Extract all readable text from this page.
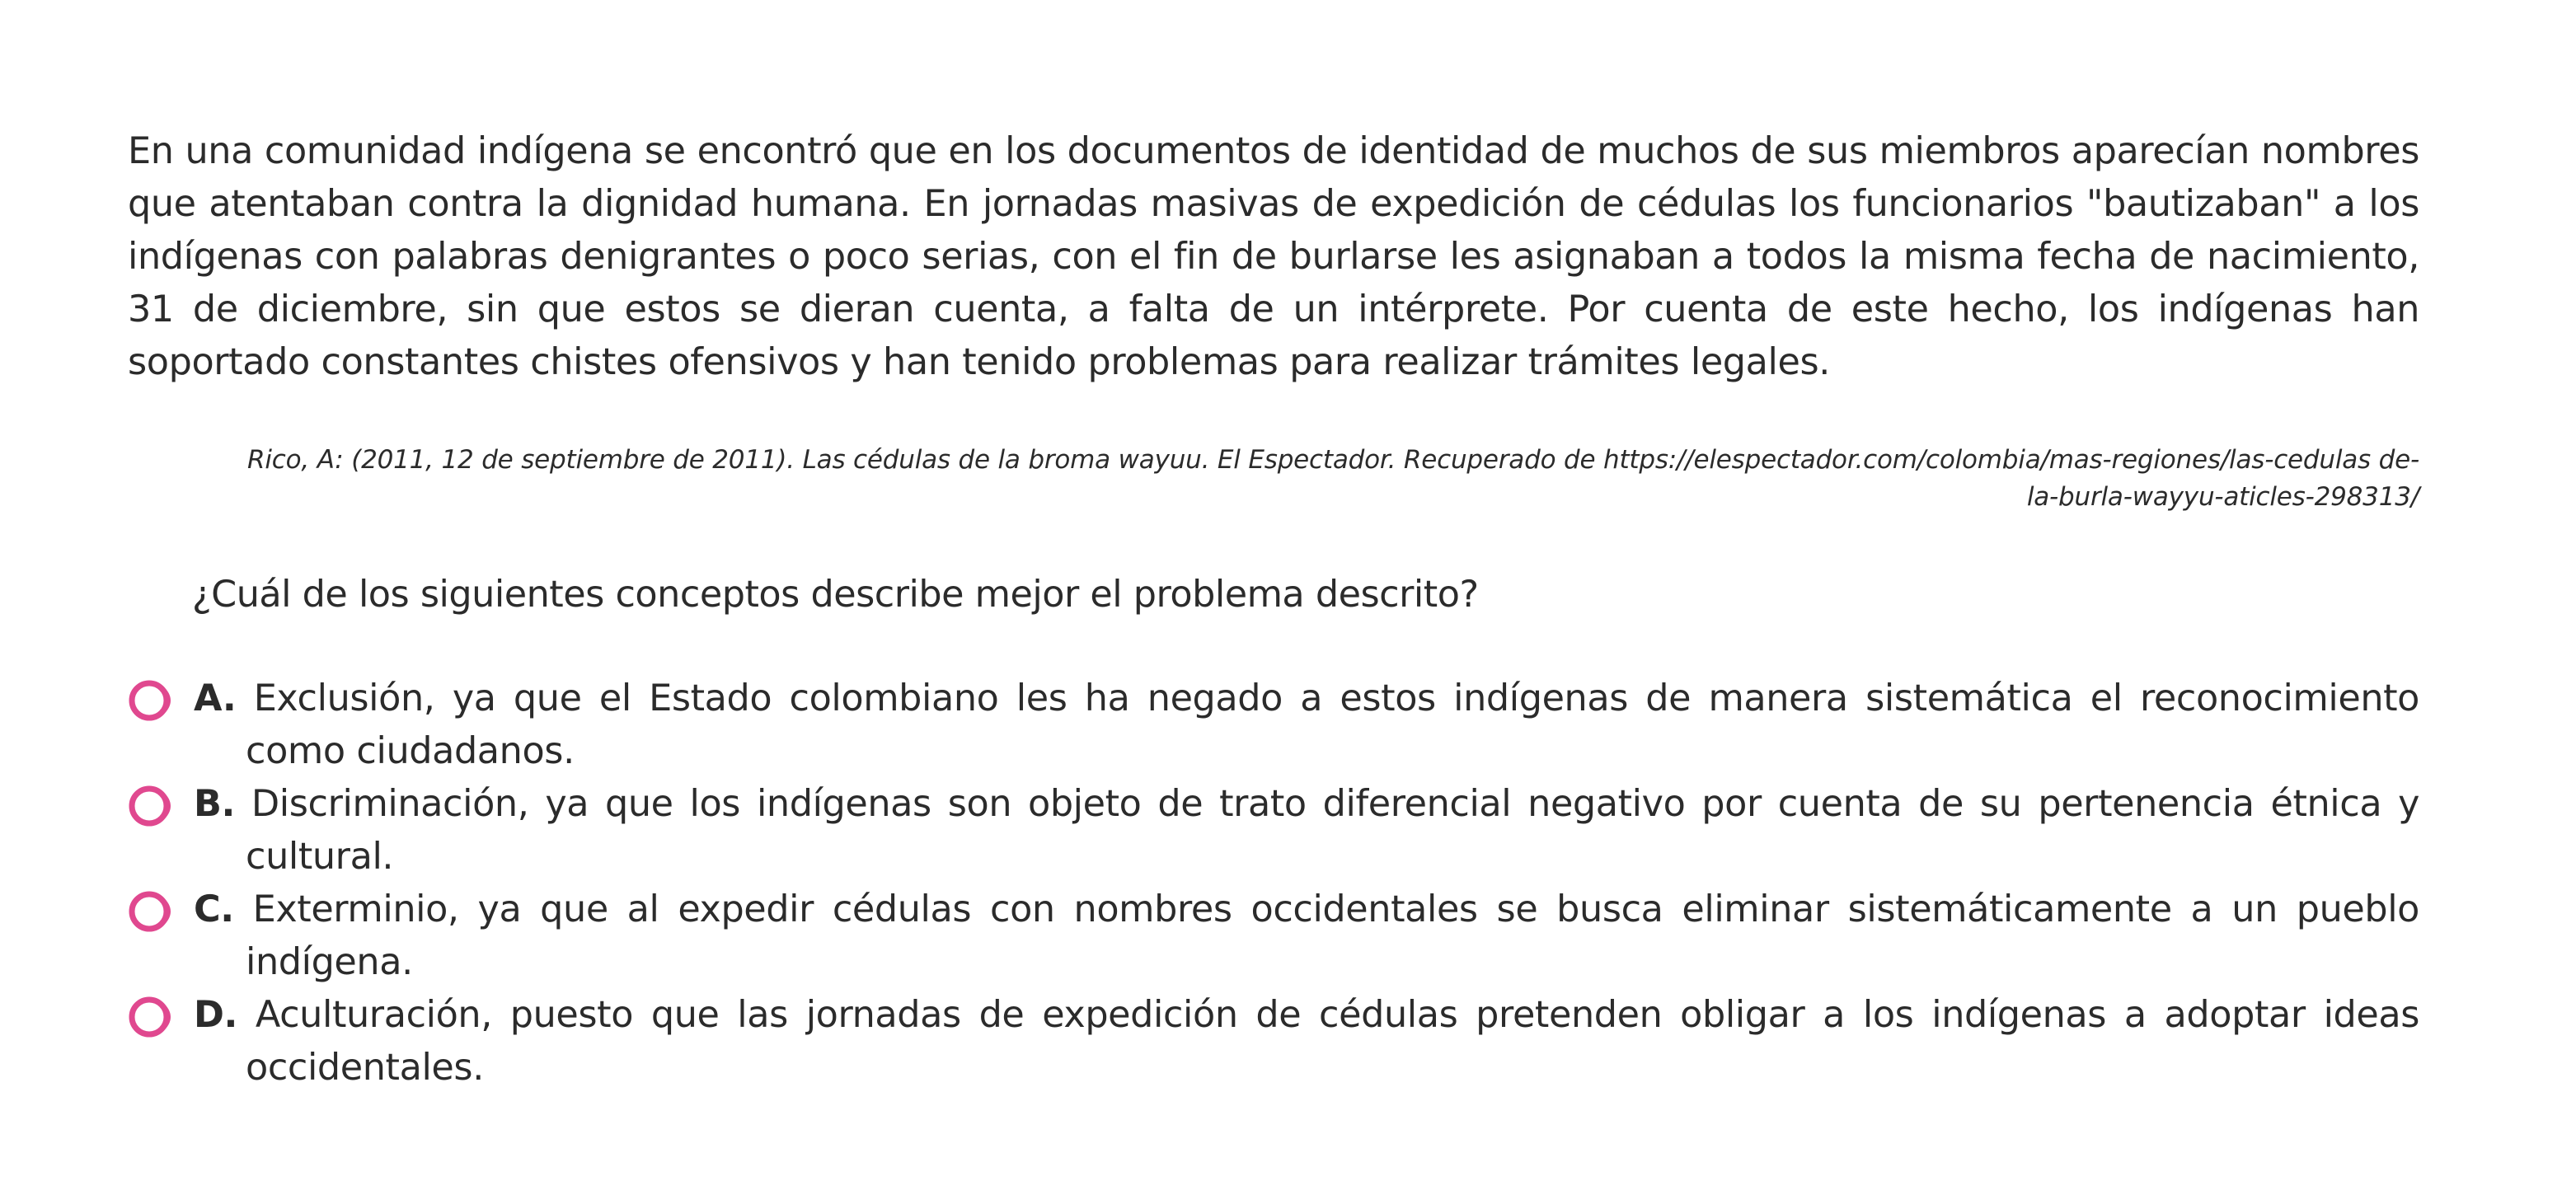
En una comunidad indígena se encontró que en los documentos de identidad de muchos de sus miembros aparecían nombres que atentaban contra la dignidad humana. En jornadas masivas de expedición de cédulas los funcionarios "bautizaban" a los indígenas con palabras denigrantes o poco serias, con el fin de burlarse les asignaban a todos la misma fecha de nacimiento, 31 de diciembre, sin que estos se dieran cuenta, a falta de un intérprete. Por cuenta de este hecho, los indígenas han soportado constantes chistes ofensivos y han tenido problemas para realizar trámites legales.

Rico, A: (2011, 12 de septiembre de 2011). Las cédulas de la broma wayuu. El Espectador. Recuperado de https://elespectador.com/colombia/mas-regiones/las-cedulas de-la-burla-wayyu-aticles-298313/

¿Cuál de los siguientes conceptos describe mejor el problema descrito?

A. Exclusión, ya que el Estado colombiano les ha negado a estos indígenas de manera sistemática el reconocimiento como ciudadanos.
B. Discriminación, ya que los indígenas son objeto de trato diferencial negativo por cuenta de su pertenencia étnica y cultural.
C. Exterminio, ya que al expedir cédulas con nombres occidentales se busca eliminar sistemáticamente a un pueblo indígena.
D. Aculturación, puesto que las jornadas de expedición de cédulas pretenden obligar a los indígenas a adoptar ideas occidentales.
